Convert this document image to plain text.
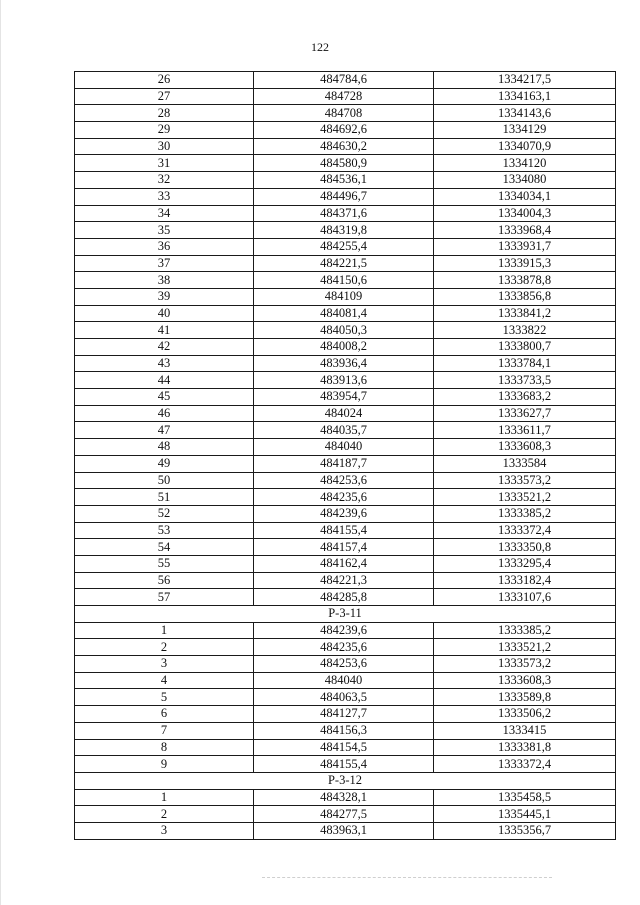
122
26	484784,6	1334217,5
27	484728	1334163,1
28	484708	1334143,6
29	484692,6	1334129
30	484630,2	1334070,9
31	484580,9	1334120
32	484536,1	1334080
33	484496,7	1334034,1
34	484371,6	1334004,3
35	484319,8	1333968,4
36	484255,4	1333931,7
37	484221,5	1333915,3
38	484150,6	1333878,8
39	484109	1333856,8
40	484081,4	1333841,2
41	484050,3	1333822
42	484008,2	1333800,7
43	483936,4	1333784,1
44	483913,6	1333733,5
45	483954,7	1333683,2
46	484024	1333627,7
47	484035,7	1333611,7
48	484040	1333608,3
49	484187,7	1333584
50	484253,6	1333573,2
51	484235,6	1333521,2
52	484239,6	1333385,2
53	484155,4	1333372,4
54	484157,4	1333350,8
55	484162,4	1333295,4
56	484221,3	1333182,4
57	484285,8	1333107,6
Р-3-11		
1	484239,6	1333385,2
2	484235,6	1333521,2
3	484253,6	1333573,2
4	484040	1333608,3
5	484063,5	1333589,8
6	484127,7	1333506,2
7	484156,3	1333415
8	484154,5	1333381,8
9	484155,4	1333372,4
Р-3-12		
1	484328,1	1335458,5
2	484277,5	1335445,1
3	483963,1	1335356,7
